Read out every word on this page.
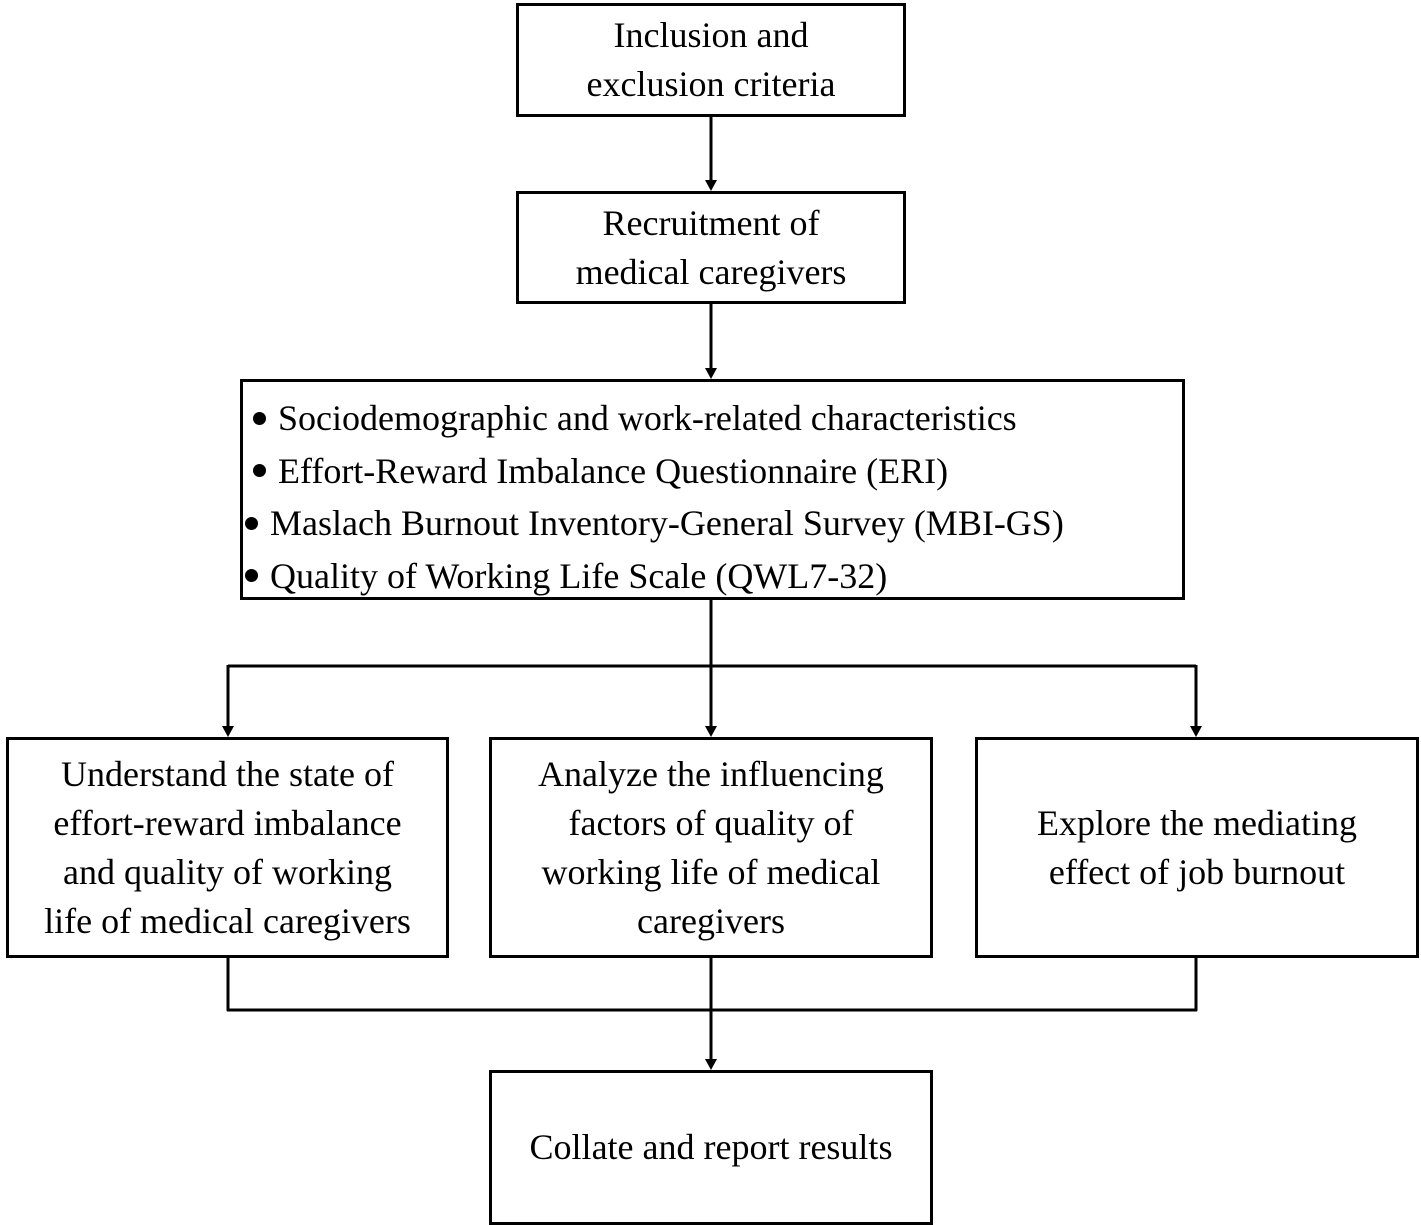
Inclusion and
exclusion criteria
Recruitment of
medical caregivers
Sociodemographic and work-related characteristics
Effort-Reward Imbalance Questionnaire (ERI)
Maslach Burnout Inventory-General Survey (MBI-GS)
Quality of Working Life Scale (QWL7-32)
Understand the state of
effort-reward imbalance
and quality of working
life of medical caregivers
Analyze the influencing
factors of quality of
working life of medical
caregivers
Explore the mediating
effect of job burnout
Collate and report results
